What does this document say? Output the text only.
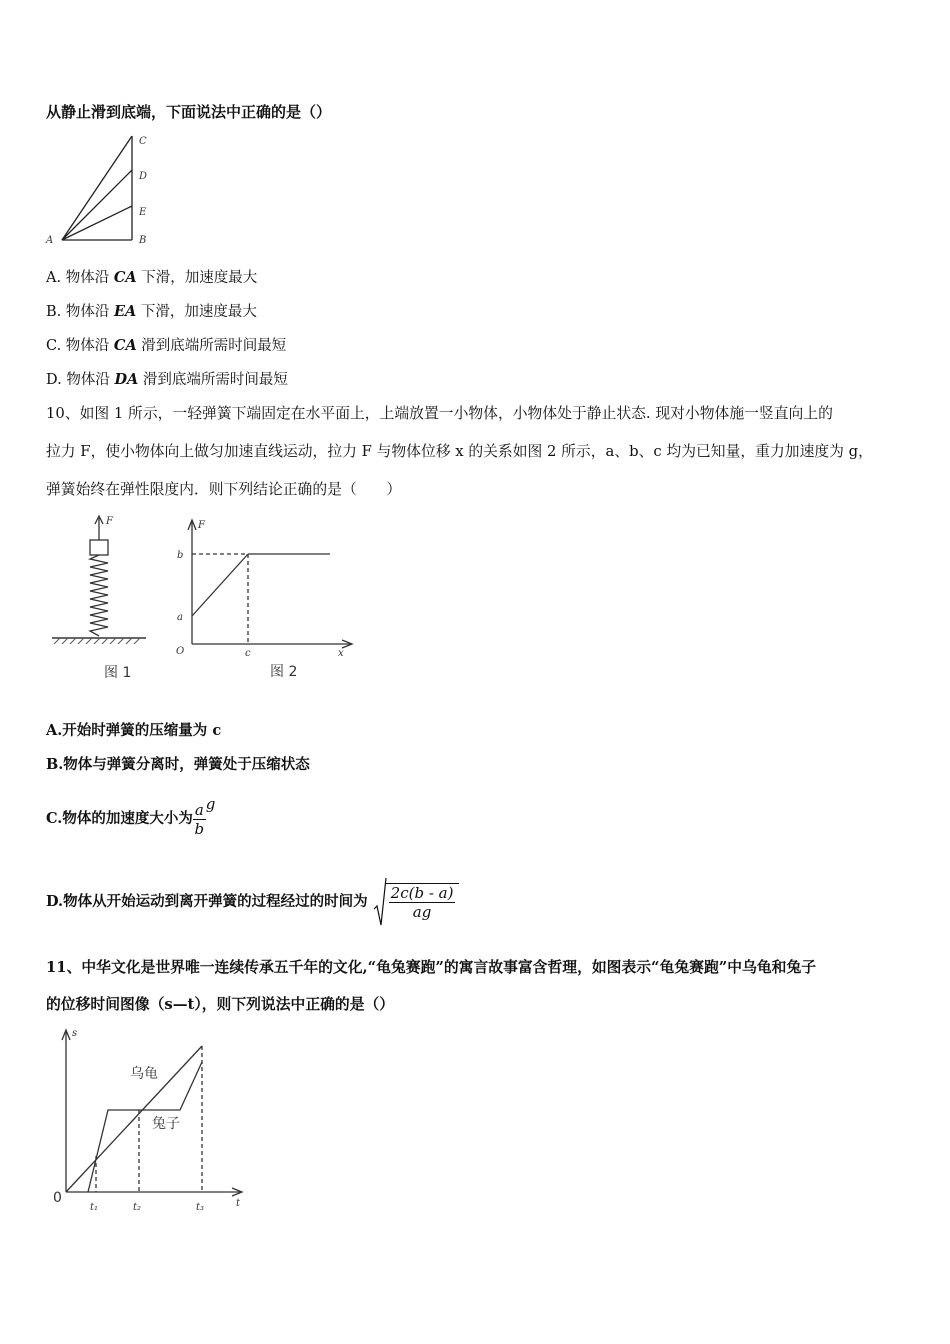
从静止滑到底端，下面说法中正确的是（）
A	B
C
D
E
A. 物体沿 CA 下滑，加速度最大
B. 物体沿 EA 下滑，加速度最大
C. 物体沿 CA 滑到底端所需时间最短
D. 物体沿 DA 滑到底端所需时间最短
10、如图 1 所示，一轻弹簧下端固定在水平面上，上端放置一小物体，小物体处于静止状态. 现对小物体施一竖直向上的
拉力 F，使小物体向上做匀加速直线运动，拉力 F 与物体位移 x 的关系如图 2 所示，a、b、c 均为已知量，重力加速度为 g，
弹簧始终在弹性限度内．则下列结论正确的是（　　）
F
图 1
F
b
a
c
O	x
图 2
A.开始时弹簧的压缩量为 c
B.物体与弹簧分离时，弹簧处于压缩状态
C.物体的加速度大小为 $\frac{a}{b}$ g
D.物体从开始运动到离开弹簧的过程经过的时间为 $\frac{2c(b - a)}{ag}$
11、中华文化是世界唯一连续传承五千年的文化,“龟兔赛跑”的寓言故事富含哲理，如图表示“龟兔赛跑”中乌龟和兔子
的位移时间图像（s—t），则下列说法中正确的是（）
s
t
0
乌龟
兔子
t₁	t₂	t₃
